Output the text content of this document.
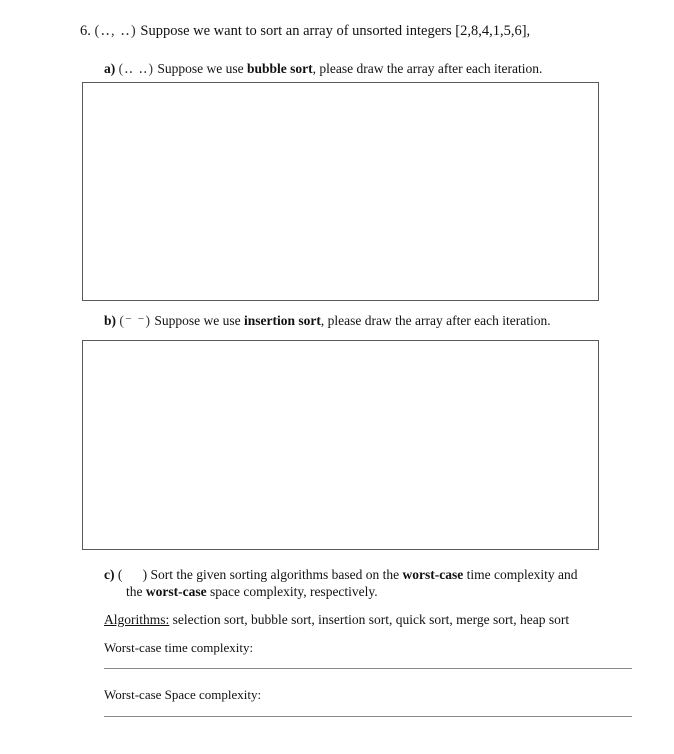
6. (‥, ‥) Suppose we want to sort an array of unsorted integers [2,8,4,1,5,6],
a) (‥ ‥) Suppose we use bubble sort, please draw the array after each iteration.
b) (⁻ ⁻) Suppose we use insertion sort, please draw the array after each iteration.
c) (      ) Sort the given sorting algorithms based on the worst-case time complexity and
the worst-case space complexity, respectively.
Algorithms: selection sort, bubble sort, insertion sort, quick sort, merge sort, heap sort
Worst-case time complexity:
Worst-case Space complexity:
